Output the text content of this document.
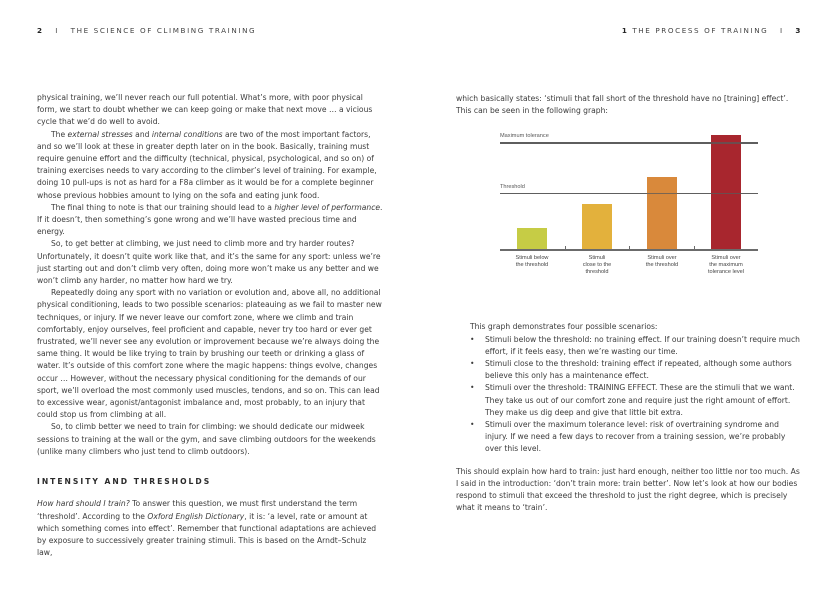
2 I THE SCIENCE OF CLIMBING TRAINING	1 THE PROCESS OF TRAINING I 3

physical training, we’ll never reach our full potential. What’s more, with poor physical form, we start to doubt whether we can keep going or make that next move … a vicious cycle that we’d do well to avoid.

The external stresses and internal conditions are two of the most important factors, and so we’ll look at these in greater depth later on in the book. Basically, training must require genuine effort and the difficulty (technical, physical, psychological, and so on) of training exercises needs to vary according to the climber’s level of training. For example, doing 10 pull-ups is not as hard for a F8a climber as it would be for a complete beginner whose previous hobbies amount to lying on the sofa and eating junk food.

The final thing to note is that our training should lead to a higher level of performance. If it doesn’t, then something’s gone wrong and we’ll have wasted precious time and energy.

So, to get better at climbing, we just need to climb more and try harder routes? Unfortunately, it doesn’t quite work like that, and it’s the same for any sport: unless we’re just starting out and don’t climb very often, doing more won’t make us any better and we won’t climb any harder, no matter how hard we try.

Repeatedly doing any sport with no variation or evolution and, above all, no additional physical conditioning, leads to two possible scenarios: plateauing as we fail to master new techniques, or injury. If we never leave our comfort zone, where we climb and train comfortably, enjoy ourselves, feel proficient and capable, never try too hard or ever get frustrated, we’ll never see any evolution or improvement because we’re always doing the same thing. It would be like trying to train by brushing our teeth or drinking a glass of water. It’s outside of this comfort zone where the magic happens: things evolve, changes occur … However, without the necessary physical conditioning for the demands of our sport, we’ll overload the most commonly used muscles, tendons, and so on. This can lead to excessive wear, agonist/antagonist imbalance and, most probably, to an injury that could stop us from climbing at all.

So, to climb better we need to train for climbing: we should dedicate our midweek sessions to training at the wall or the gym, and save climbing outdoors for the weekends (unlike many climbers who just tend to climb outdoors).

INTENSITY AND THRESHOLDS

How hard should I train? To answer this question, we must first understand the term ‘threshold’. According to the Oxford English Dictionary, it is: ‘a level, rate or amount at which something comes into effect’. Remember that functional adaptations are achieved by exposure to successively greater training stimuli. This is based on the Arndt–Schulz law,

which basically states: ‘stimuli that fall short of the threshold have no [training] effect’. This can be seen in the following graph:

Threshold
Maximum tolerance
Stimuli below
the threshold
Stimuli
close to the
threshold
Stimuli over
the threshold
Stimuli over
the maximum
tolerance level

This graph demonstrates four possible scenarios:

• Stimuli below the threshold: no training effect. If our training doesn’t require much effort, if it feels easy, then we’re wasting our time.
• Stimuli close to the threshold: training effect if repeated, although some authors believe this only has a maintenance effect.
• Stimuli over the threshold: TRAINING EFFECT. These are the stimuli that we want. They take us out of our comfort zone and require just the right amount of effort. They make us dig deep and give that little bit extra.
• Stimuli over the maximum tolerance level: risk of overtraining syndrome and injury. If we need a few days to recover from a training session, we’re probably over this level.

This should explain how hard to train: just hard enough, neither too little nor too much. As I said in the introduction: ‘don’t train more: train better’. Now let’s look at how our bodies respond to stimuli that exceed the threshold to just the right degree, which is precisely what it means to ‘train’.
